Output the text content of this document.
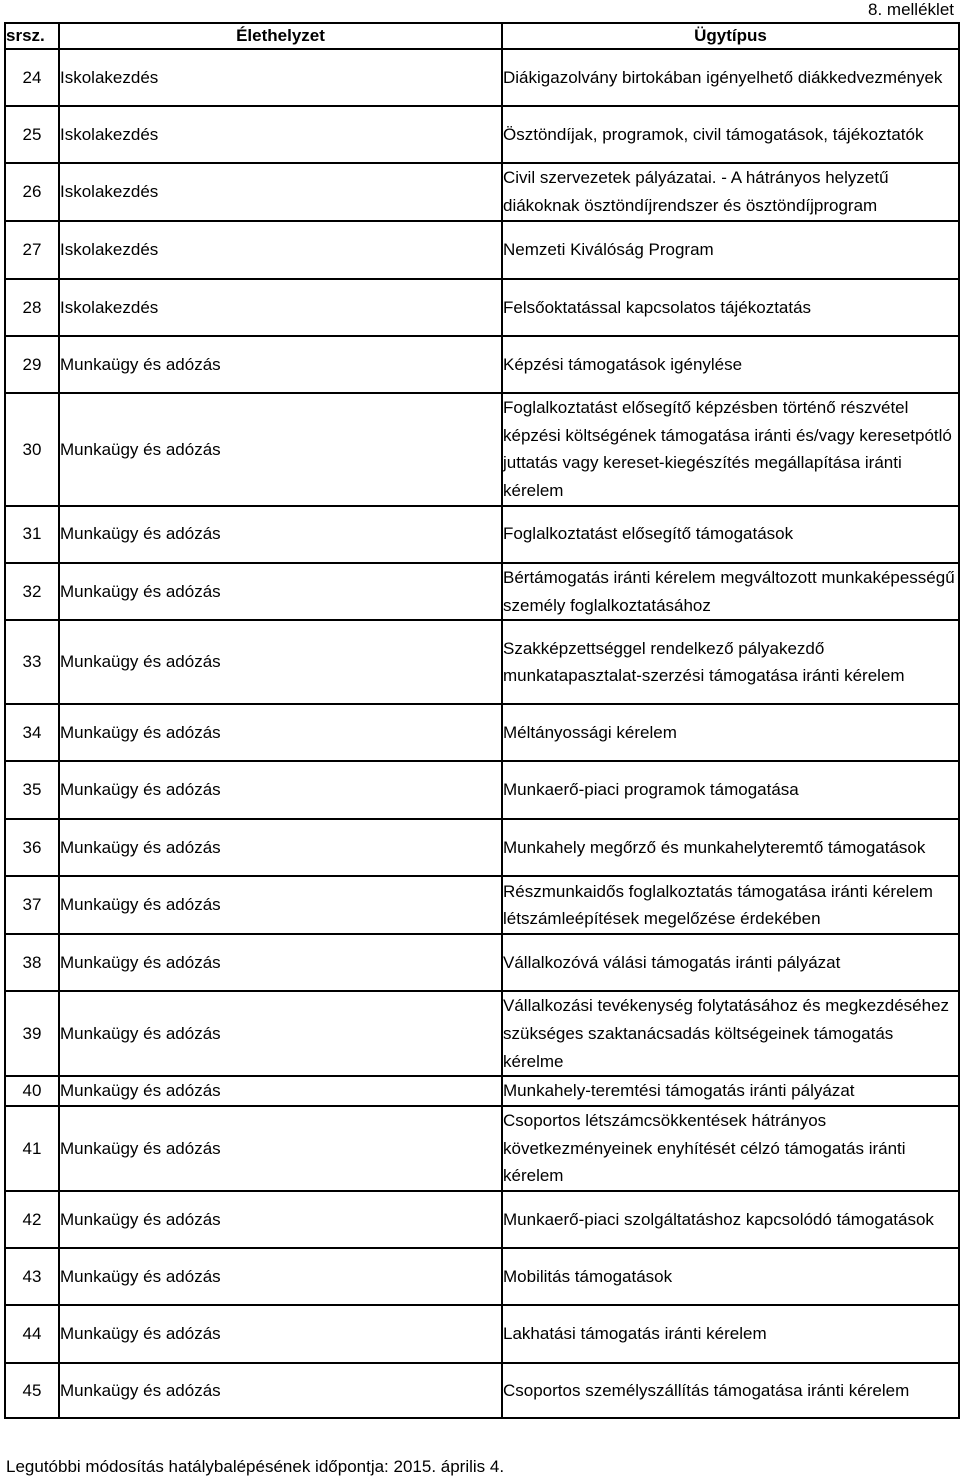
8. melléklet
srsz.	Élethelyzet	Ügytípus
24	Iskolakezdés	Diákigazolvány birtokában igényelhető diákkedvezmények
25	Iskolakezdés	Ösztöndíjak, programok, civil támogatások, tájékoztatók
26	Iskolakezdés	Civil szervezetek pályázatai. - A hátrányos helyzetű diákoknak ösztöndíjrendszer és ösztöndíjprogram
27	Iskolakezdés	Nemzeti Kiválóság Program
28	Iskolakezdés	Felsőoktatással kapcsolatos tájékoztatás
29	Munkaügy és adózás	Képzési támogatások igénylése
30	Munkaügy és adózás	Foglalkoztatást elősegítő képzésben történő részvétel képzési költségének támogatása iránti és/vagy keresetpótló juttatás vagy kereset-kiegészítés megállapítása iránti kérelem
31	Munkaügy és adózás	Foglalkoztatást elősegítő támogatások
32	Munkaügy és adózás	Bértámogatás iránti kérelem megváltozott munkaképességű személy foglalkoztatásához
33	Munkaügy és adózás	Szakképzettséggel rendelkező pályakezdő munkatapasztalat-szerzési támogatása iránti kérelem
34	Munkaügy és adózás	Méltányossági kérelem
35	Munkaügy és adózás	Munkaerő-piaci programok támogatása
36	Munkaügy és adózás	Munkahely megőrző és munkahelyteremtő támogatások
37	Munkaügy és adózás	Részmunkaidős foglalkoztatás támogatása iránti kérelem létszámleépítések megelőzése érdekében
38	Munkaügy és adózás	Vállalkozóvá válási támogatás iránti pályázat
39	Munkaügy és adózás	Vállalkozási tevékenység folytatásához és megkezdéséhez szükséges szaktanácsadás költségeinek támogatás kérelme
40	Munkaügy és adózás	Munkahely-teremtési támogatás iránti pályázat
41	Munkaügy és adózás	Csoportos létszámcsökkentések hátrányos következményeinek enyhítését célzó támogatás iránti kérelem
42	Munkaügy és adózás	Munkaerő-piaci szolgáltatáshoz kapcsolódó támogatások
43	Munkaügy és adózás	Mobilitás támogatások
44	Munkaügy és adózás	Lakhatási támogatás iránti kérelem
45	Munkaügy és adózás	Csoportos személyszállítás támogatása iránti kérelem
Legutóbbi módosítás hatálybalépésének időpontja: 2015. április 4.
